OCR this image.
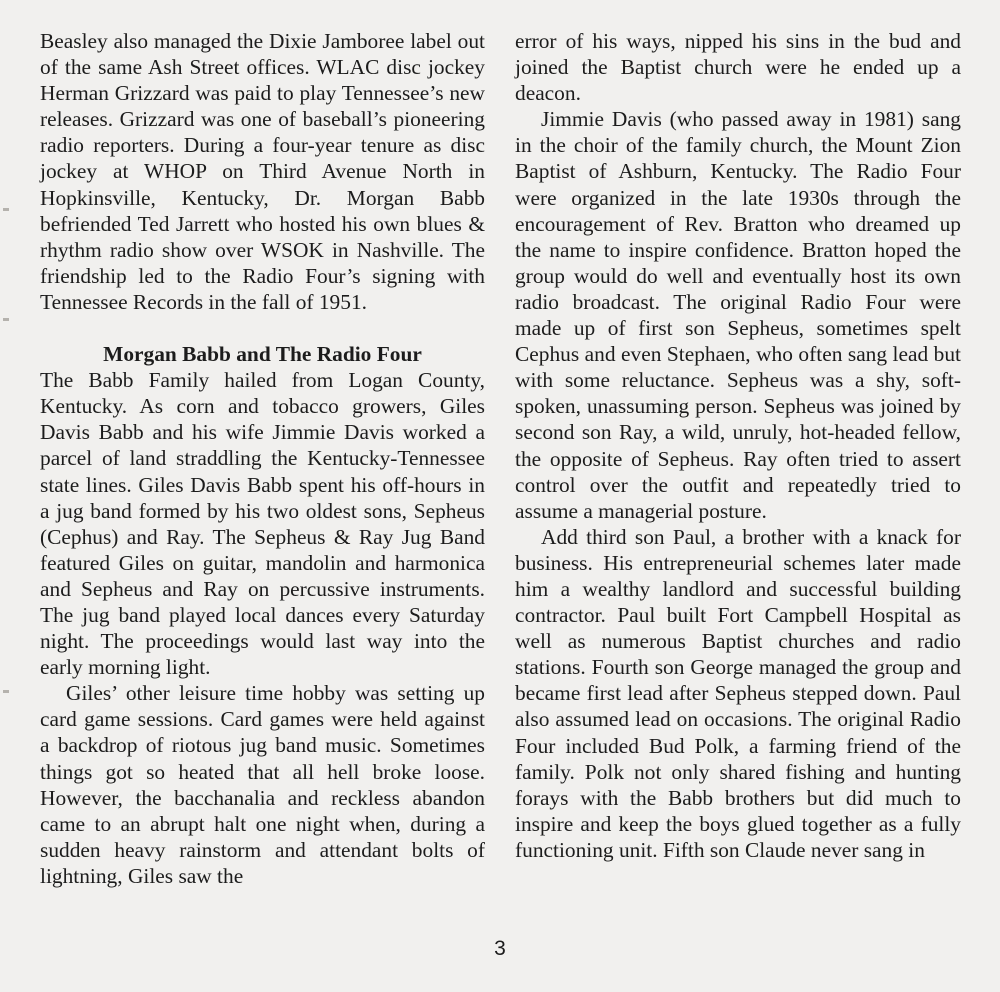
Beasley also managed the Dixie Jamboree label out of the same Ash Street offices. WLAC disc jockey Herman Grizzard was paid to play Tennessee’s new releases. Grizzard was one of baseball’s pioneering radio reporters. During a four-year tenure as disc jockey at WHOP on Third Avenue North in Hopkinsville, Kentucky, Dr. Morgan Babb befriended Ted Jarrett who hosted his own blues & rhythm radio show over WSOK in Nashville. The friendship led to the Radio Four’s signing with Tennessee Records in the fall of 1951.

Morgan Babb and The Radio Four

The Babb Family hailed from Logan County, Kentucky. As corn and tobacco growers, Giles Davis Babb and his wife Jimmie Davis worked a parcel of land straddling the Kentucky-Tennessee state lines. Giles Davis Babb spent his off-hours in a jug band formed by his two oldest sons, Sepheus (Cephus) and Ray. The Sepheus & Ray Jug Band featured Giles on guitar, mandolin and harmonica and Sepheus and Ray on percussive instruments. The jug band played local dances every Saturday night. The proceedings would last way into the early morning light.

Giles’ other leisure time hobby was setting up card game sessions. Card games were held against a backdrop of riotous jug band music. Sometimes things got so heated that all hell broke loose. However, the bacchanalia and reckless abandon came to an abrupt halt one night when, during a sudden heavy rainstorm and attendant bolts of lightning, Giles saw the

error of his ways, nipped his sins in the bud and joined the Baptist church were he ended up a deacon.

Jimmie Davis (who passed away in 1981) sang in the choir of the family church, the Mount Zion Baptist of Ashburn, Kentucky. The Radio Four were organized in the late 1930s through the encouragement of Rev. Bratton who dreamed up the name to inspire confidence. Bratton hoped the group would do well and eventually host its own radio broadcast. The original Radio Four were made up of first son Sepheus, sometimes spelt Cephus and even Stephaen, who often sang lead but with some reluctance. Sepheus was a shy, soft-spoken, unassuming person. Sepheus was joined by second son Ray, a wild, unruly, hot-headed fellow, the opposite of Sepheus. Ray often tried to assert control over the outfit and repeatedly tried to assume a managerial posture.

Add third son Paul, a brother with a knack for business. His entrepreneurial schemes later made him a wealthy landlord and successful building contractor. Paul built Fort Campbell Hospital as well as numerous Baptist churches and radio stations. Fourth son George managed the group and became first lead after Sepheus stepped down. Paul also assumed lead on occasions. The original Radio Four included Bud Polk, a farming friend of the family. Polk not only shared fishing and hunting forays with the Babb brothers but did much to inspire and keep the boys glued together as a fully functioning unit. Fifth son Claude never sang in

3
